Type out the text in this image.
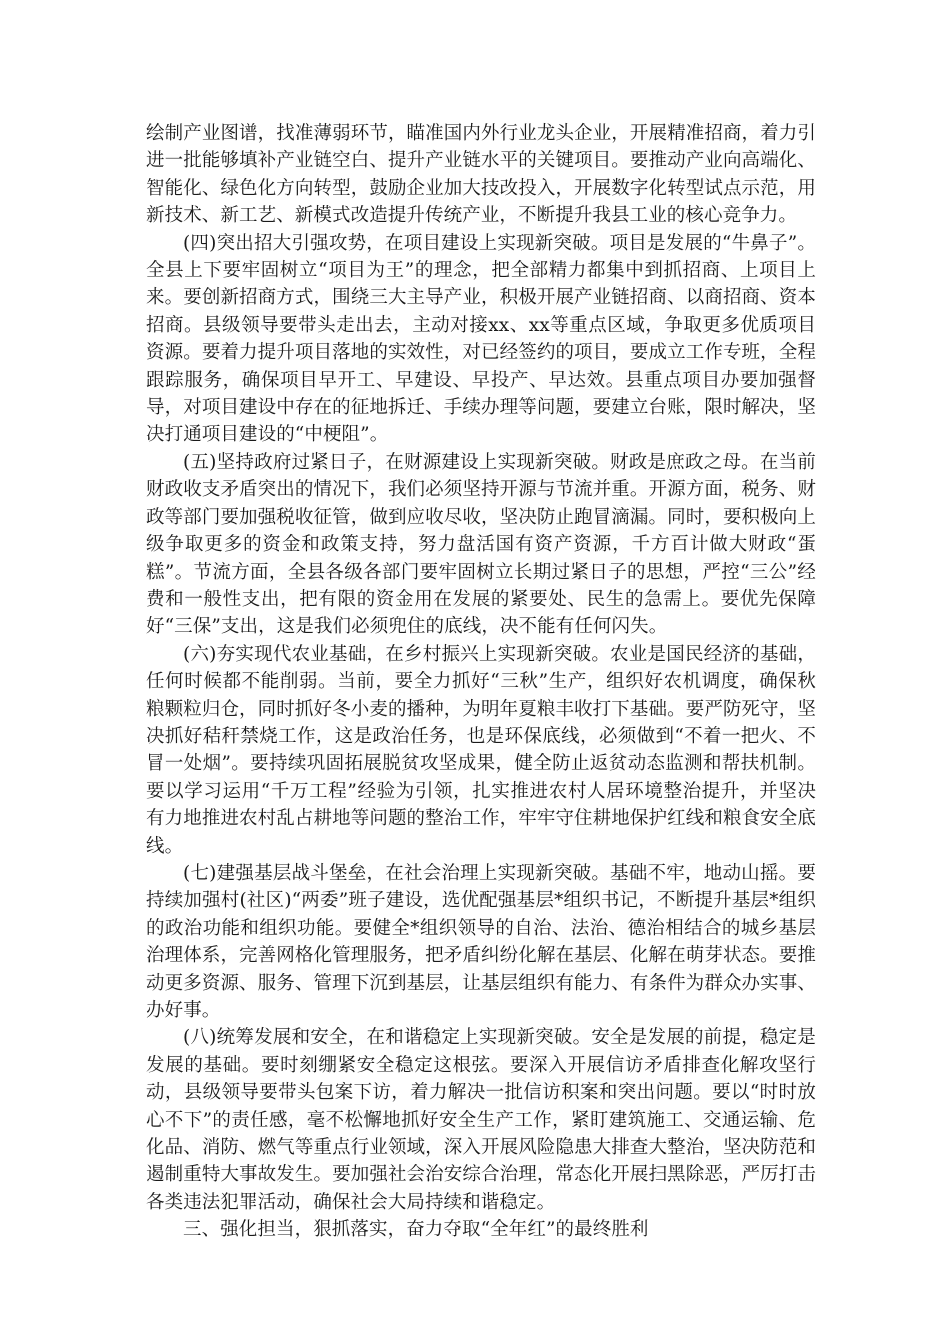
绘制产业图谱，找准薄弱环节，瞄准国内外行业龙头企业，开展精准招商，着力引进一批能够填补产业链空白、提升产业链水平的关键项目。要推动产业向高端化、智能化、绿色化方向转型，鼓励企业加大技改投入，开展数字化转型试点示范，用新技术、新工艺、新模式改造提升传统产业，不断提升我县工业的核心竞争力。

(四)突出招大引强攻势，在项目建设上实现新突破。项目是发展的“牛鼻子”。全县上下要牢固树立“项目为王”的理念，把全部精力都集中到抓招商、上项目上来。要创新招商方式，围绕三大主导产业，积极开展产业链招商、以商招商、资本招商。县级领导要带头走出去，主动对接xx、xx等重点区域，争取更多优质项目资源。要着力提升项目落地的实效性，对已经签约的项目，要成立工作专班，全程跟踪服务，确保项目早开工、早建设、早投产、早达效。县重点项目办要加强督导，对项目建设中存在的征地拆迁、手续办理等问题，要建立台账，限时解决，坚决打通项目建设的“中梗阻”。

(五)坚持政府过紧日子，在财源建设上实现新突破。财政是庶政之母。在当前财政收支矛盾突出的情况下，我们必须坚持开源与节流并重。开源方面，税务、财政等部门要加强税收征管，做到应收尽收，坚决防止跑冒滴漏。同时，要积极向上级争取更多的资金和政策支持，努力盘活国有资产资源，千方百计做大财政“蛋糕”。节流方面，全县各级各部门要牢固树立长期过紧日子的思想，严控“三公”经费和一般性支出，把有限的资金用在发展的紧要处、民生的急需上。要优先保障好“三保”支出，这是我们必须兜住的底线，决不能有任何闪失。

(六)夯实现代农业基础，在乡村振兴上实现新突破。农业是国民经济的基础，任何时候都不能削弱。当前，要全力抓好“三秋”生产，组织好农机调度，确保秋粮颗粒归仓，同时抓好冬小麦的播种，为明年夏粮丰收打下基础。要严防死守，坚决抓好秸秆禁烧工作，这是政治任务，也是环保底线，必须做到“不着一把火、不冒一处烟”。要持续巩固拓展脱贫攻坚成果，健全防止返贫动态监测和帮扶机制。要以学习运用“千万工程”经验为引领，扎实推进农村人居环境整治提升，并坚决有力地推进农村乱占耕地等问题的整治工作，牢牢守住耕地保护红线和粮食安全底线。

(七)建强基层战斗堡垒，在社会治理上实现新突破。基础不牢，地动山摇。要持续加强村(社区)“两委”班子建设，选优配强基层*组织书记，不断提升基层*组织的政治功能和组织功能。要健全*组织领导的自治、法治、德治相结合的城乡基层治理体系，完善网格化管理服务，把矛盾纠纷化解在基层、化解在萌芽状态。要推动更多资源、服务、管理下沉到基层，让基层组织有能力、有条件为群众办实事、办好事。

(八)统筹发展和安全，在和谐稳定上实现新突破。安全是发展的前提，稳定是发展的基础。要时刻绷紧安全稳定这根弦。要深入开展信访矛盾排查化解攻坚行动，县级领导要带头包案下访，着力解决一批信访积案和突出问题。要以“时时放心不下”的责任感，毫不松懈地抓好安全生产工作，紧盯建筑施工、交通运输、危化品、消防、燃气等重点行业领域，深入开展风险隐患大排查大整治，坚决防范和遏制重特大事故发生。要加强社会治安综合治理，常态化开展扫黑除恶，严厉打击各类违法犯罪活动，确保社会大局持续和谐稳定。

三、强化担当，狠抓落实，奋力夺取“全年红”的最终胜利
